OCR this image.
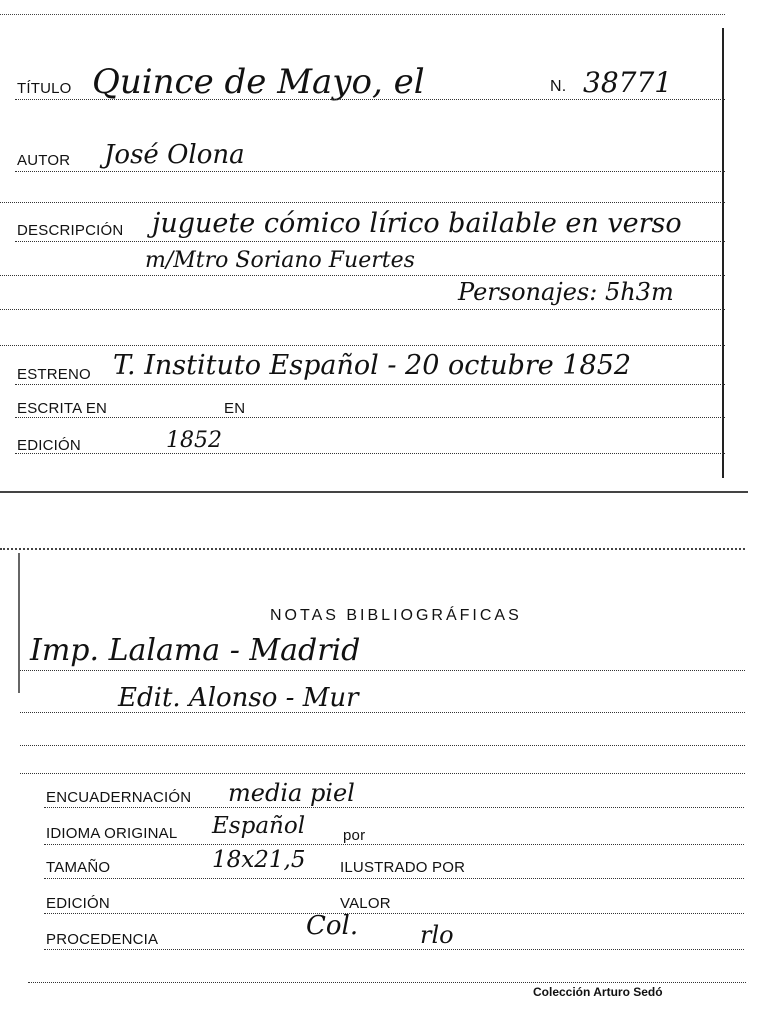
TÍTULO Quince de Mayo, el	N. 38771
AUTOR José Olona
DESCRIPCIÓN juguete cómico lírico bailable en verso
m/Mtro Soriano Fuertes
Personajes: 5h3m
ESTRENO T. Instituto Español - 20 octubre 1852
ESCRITA EN	EN
EDICIÓN	1852
NOTAS BIBLIOGRÁFICAS
Imp. Lalama - Madrid
Edit. Alonso - Mur
ENCUADERNACIÓN media piel
IDIOMA ORIGINAL Español	por
TAMAÑO	18x21,5 ILUSTRADO POR
EDICIÓN	VALOR
PROCEDENCIA	Col.	rlo
Colección Arturo Sedó
